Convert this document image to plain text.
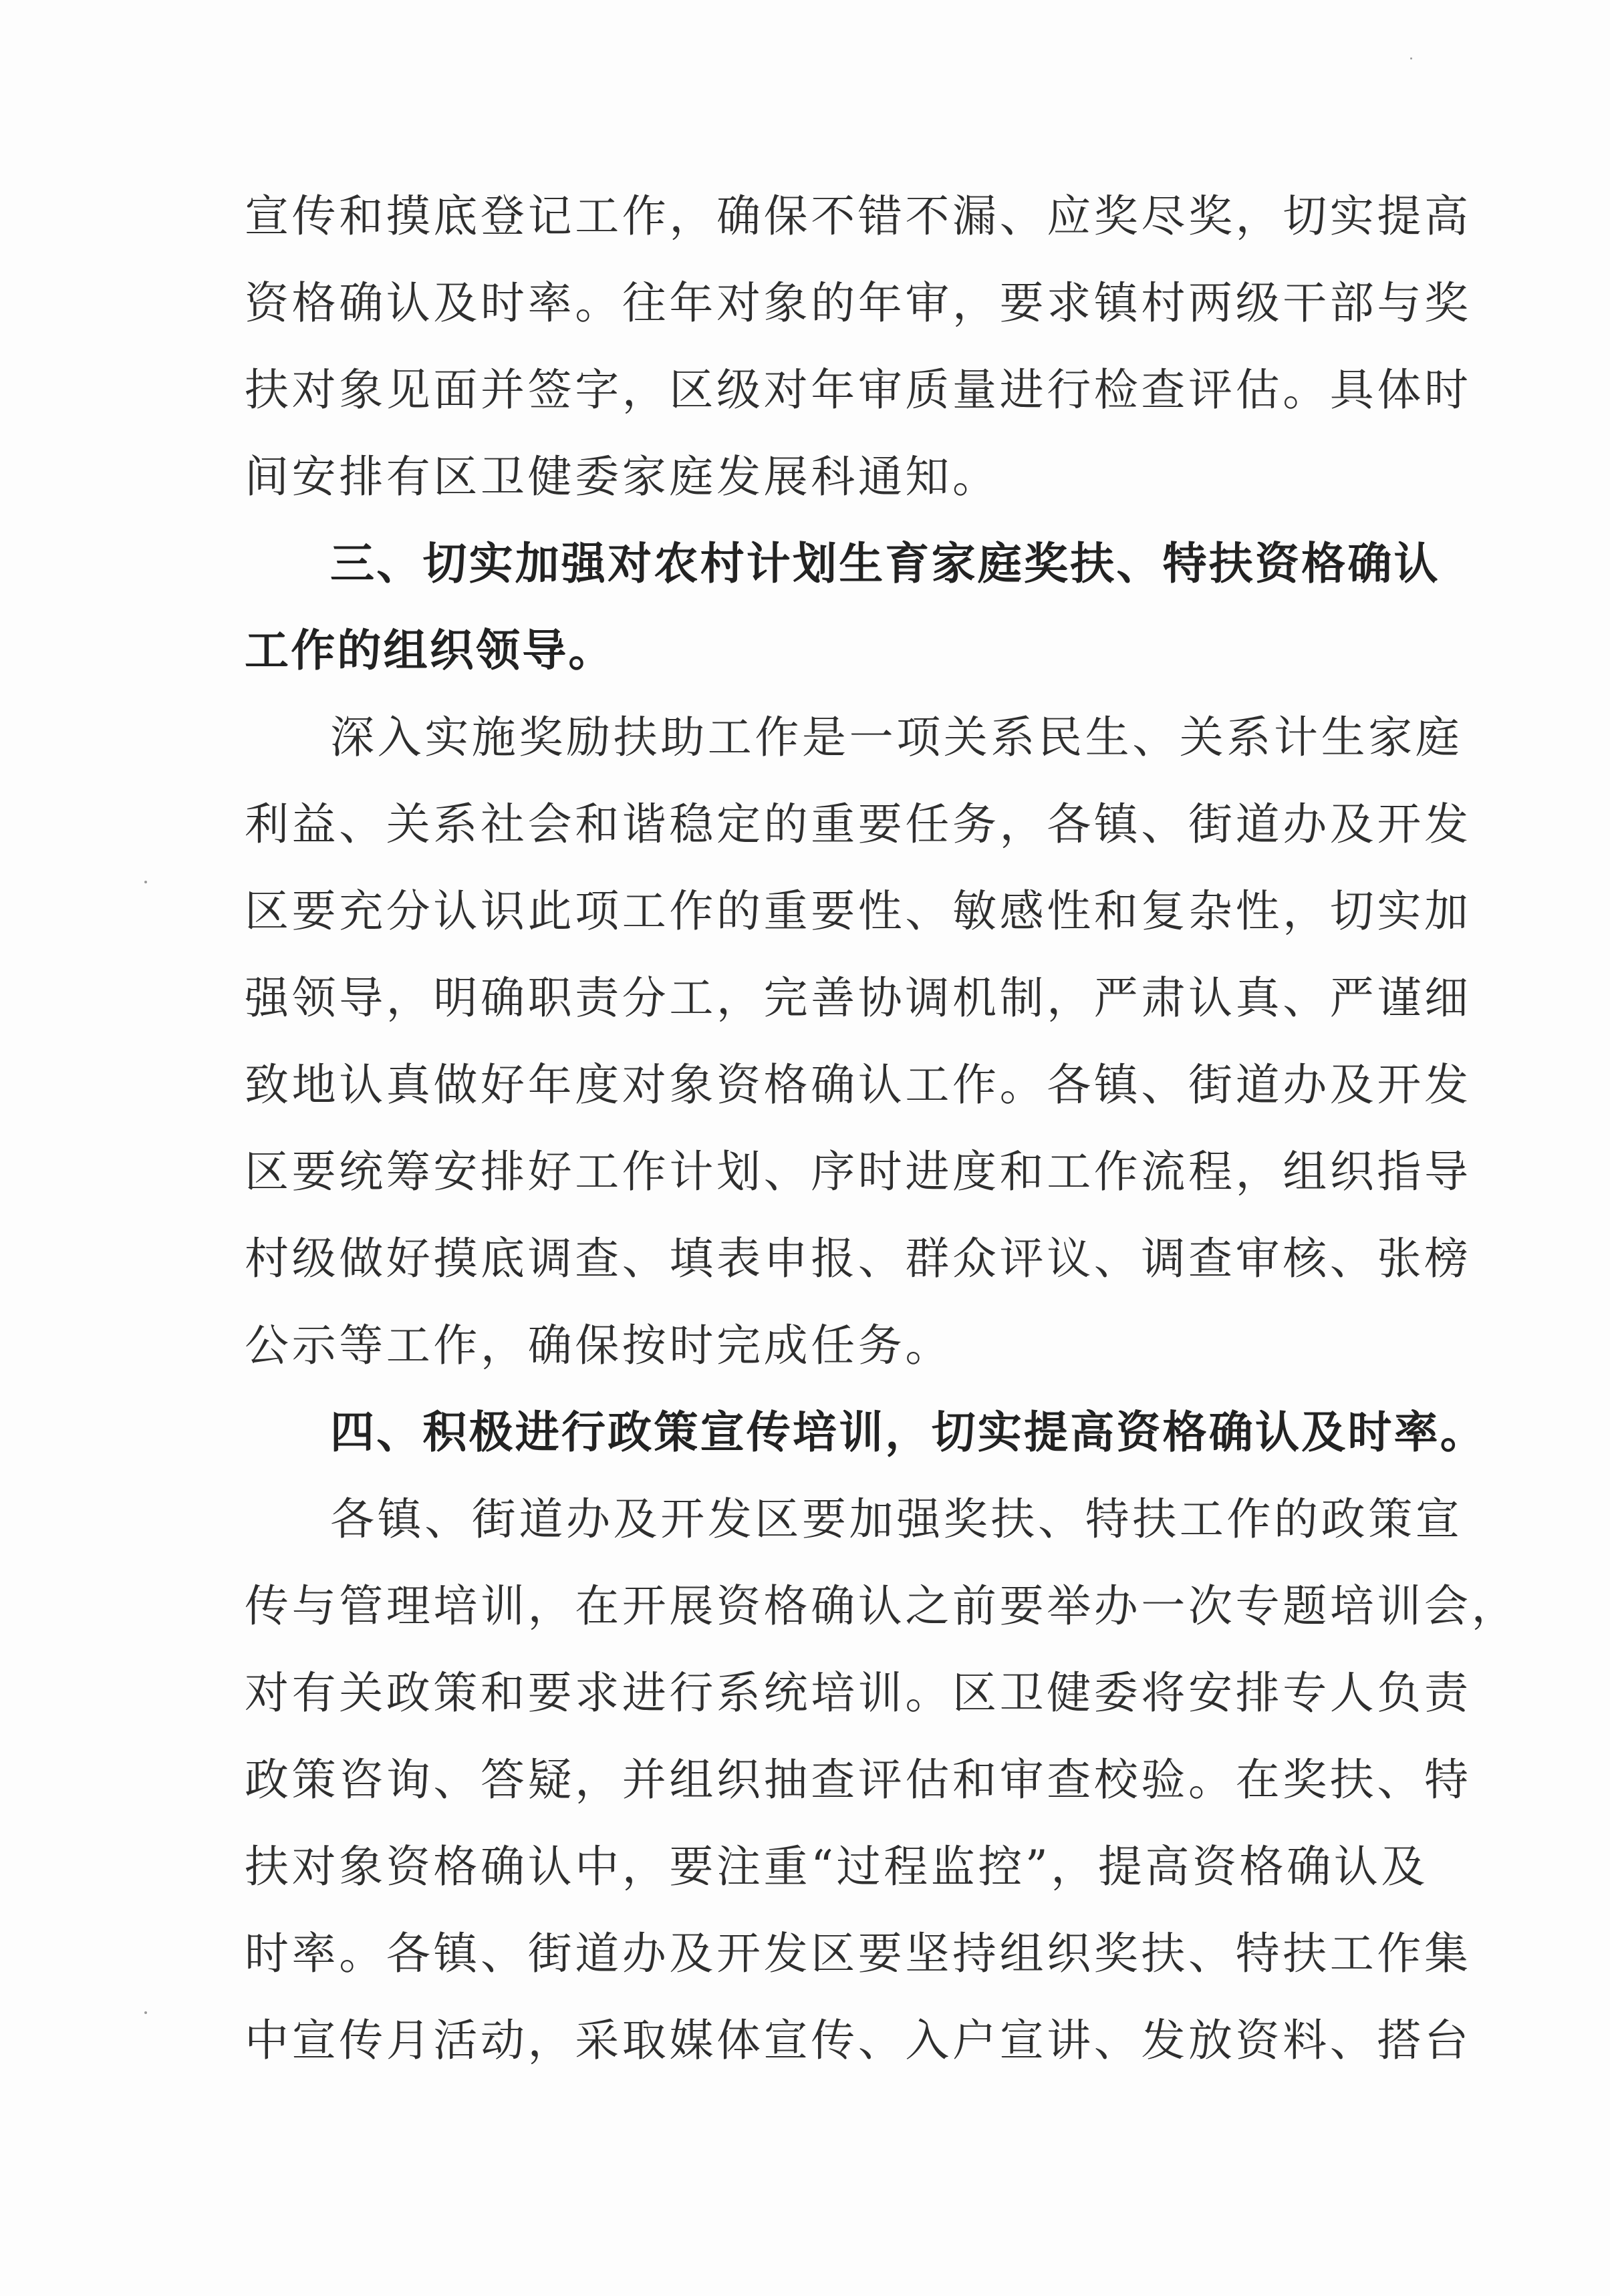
宣传和摸底登记工作，确保不错不漏、应奖尽奖，切实提高
资格确认及时率。往年对象的年审，要求镇村两级干部与奖
扶对象见面并签字，区级对年审质量进行检查评估。具体时
间安排有区卫健委家庭发展科通知。
三、切实加强对农村计划生育家庭奖扶、特扶资格确认
工作的组织领导。
深入实施奖励扶助工作是一项关系民生、关系计生家庭
利益、关系社会和谐稳定的重要任务，各镇、街道办及开发
区要充分认识此项工作的重要性、敏感性和复杂性，切实加
强领导，明确职责分工，完善协调机制，严肃认真、严谨细
致地认真做好年度对象资格确认工作。各镇、街道办及开发
区要统筹安排好工作计划、序时进度和工作流程，组织指导
村级做好摸底调查、填表申报、群众评议、调查审核、张榜
公示等工作，确保按时完成任务。
四、积极进行政策宣传培训，切实提高资格确认及时率。
各镇、街道办及开发区要加强奖扶、特扶工作的政策宣
传与管理培训，在开展资格确认之前要举办一次专题培训会，
对有关政策和要求进行系统培训。区卫健委将安排专人负责
政策咨询、答疑，并组织抽查评估和审查校验。在奖扶、特
扶对象资格确认中，要注重“过程监控”，提高资格确认及
时率。各镇、街道办及开发区要坚持组织奖扶、特扶工作集
中宣传月活动，采取媒体宣传、入户宣讲、发放资料、搭台
